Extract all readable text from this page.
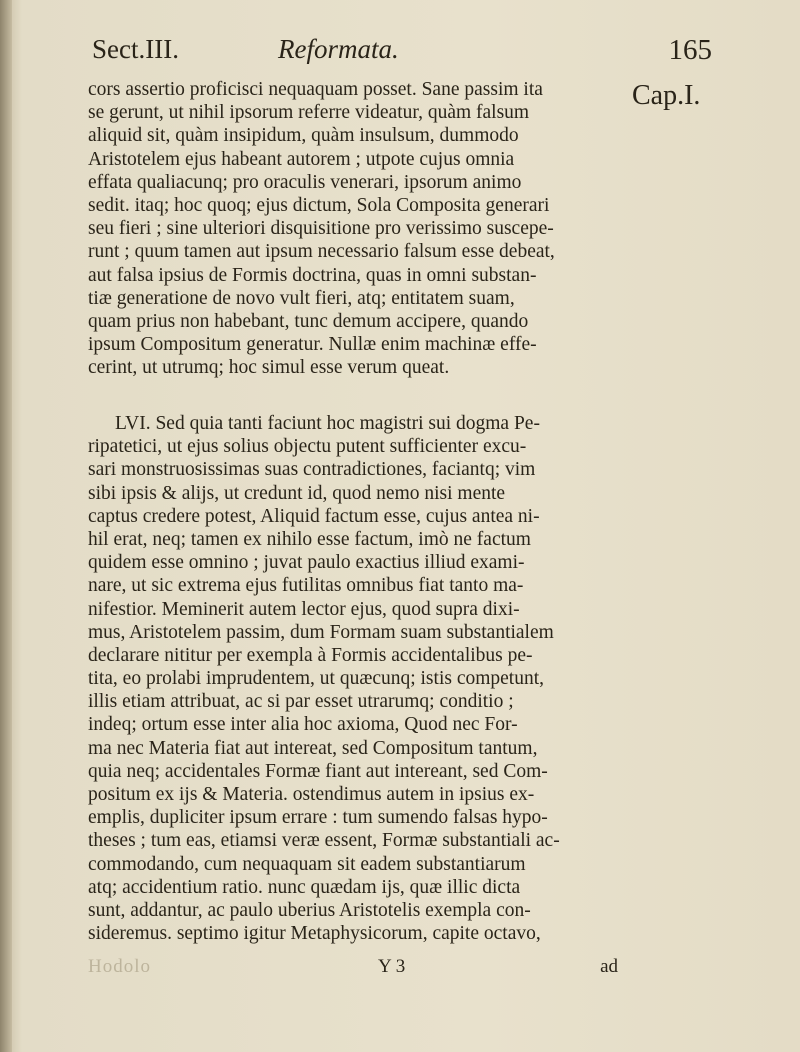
Sect.III.	Reformata.	165
Cap.I.
cors assertio proficisci nequaquam posset. Sane passim ita
se gerunt, ut nihil ipsorum referre videatur, quàm falsum
aliquid sit, quàm insipidum, quàm insulsum, dummodo
Aristotelem ejus habeant autorem ; utpote cujus omnia
effata qualiacunq; pro oraculis venerari, ipsorum animo
sedit. itaq; hoc quoq; ejus dictum, Sola Composita generari
seu fieri ; sine ulteriori disquisitione pro verissimo suscepe-
runt ; quum tamen aut ipsum necessario falsum esse debeat,
aut falsa ipsius de Formis doctrina, quas in omni substan-
tiæ generatione de novo vult fieri, atq; entitatem suam,
quam prius non habebant, tunc demum accipere, quando
ipsum Compositum generatur. Nullæ enim machinæ effe-
cerint, ut utrumq; hoc simul esse verum queat.
LVI. Sed quia tanti faciunt hoc magistri sui dogma Pe-
ripatetici, ut ejus solius objectu putent sufficienter excu-
sari monstruosissimas suas contradictiones, faciantq; vim
sibi ipsis & alijs, ut credunt id, quod nemo nisi mente
captus credere potest, Aliquid factum esse, cujus antea ni-
hil erat, neq; tamen ex nihilo esse factum, imò ne factum
quidem esse omnino ; juvat paulo exactius illiud exami-
nare, ut sic extrema ejus futilitas omnibus fiat tanto ma-
nifestior. Meminerit autem lector ejus, quod supra dixi-
mus, Aristotelem passim, dum Formam suam substantialem
declarare nititur per exempla à Formis accidentalibus pe-
tita, eo prolabi imprudentem, ut quæcunq; istis competunt,
illis etiam attribuat, ac si par esset utrarumq; conditio ;
indeq; ortum esse inter alia hoc axioma, Quod nec For-
ma nec Materia fiat aut intereat, sed Compositum tantum,
quia neq; accidentales Formæ fiant aut intereant, sed Com-
positum ex ijs & Materia. ostendimus autem in ipsius ex-
emplis, dupliciter ipsum errare : tum sumendo falsas hypo-
theses ; tum eas, etiamsi veræ essent, Formæ substantiali ac-
commodando, cum nequaquam sit eadem substantiarum
atq; accidentium ratio. nunc quædam ijs, quæ illic dicta
sunt, addantur, ac paulo uberius Aristotelis exempla con-
sideremus. septimo igitur Metaphysicorum, capite octavo,
Hodolo	Y 3	ad
